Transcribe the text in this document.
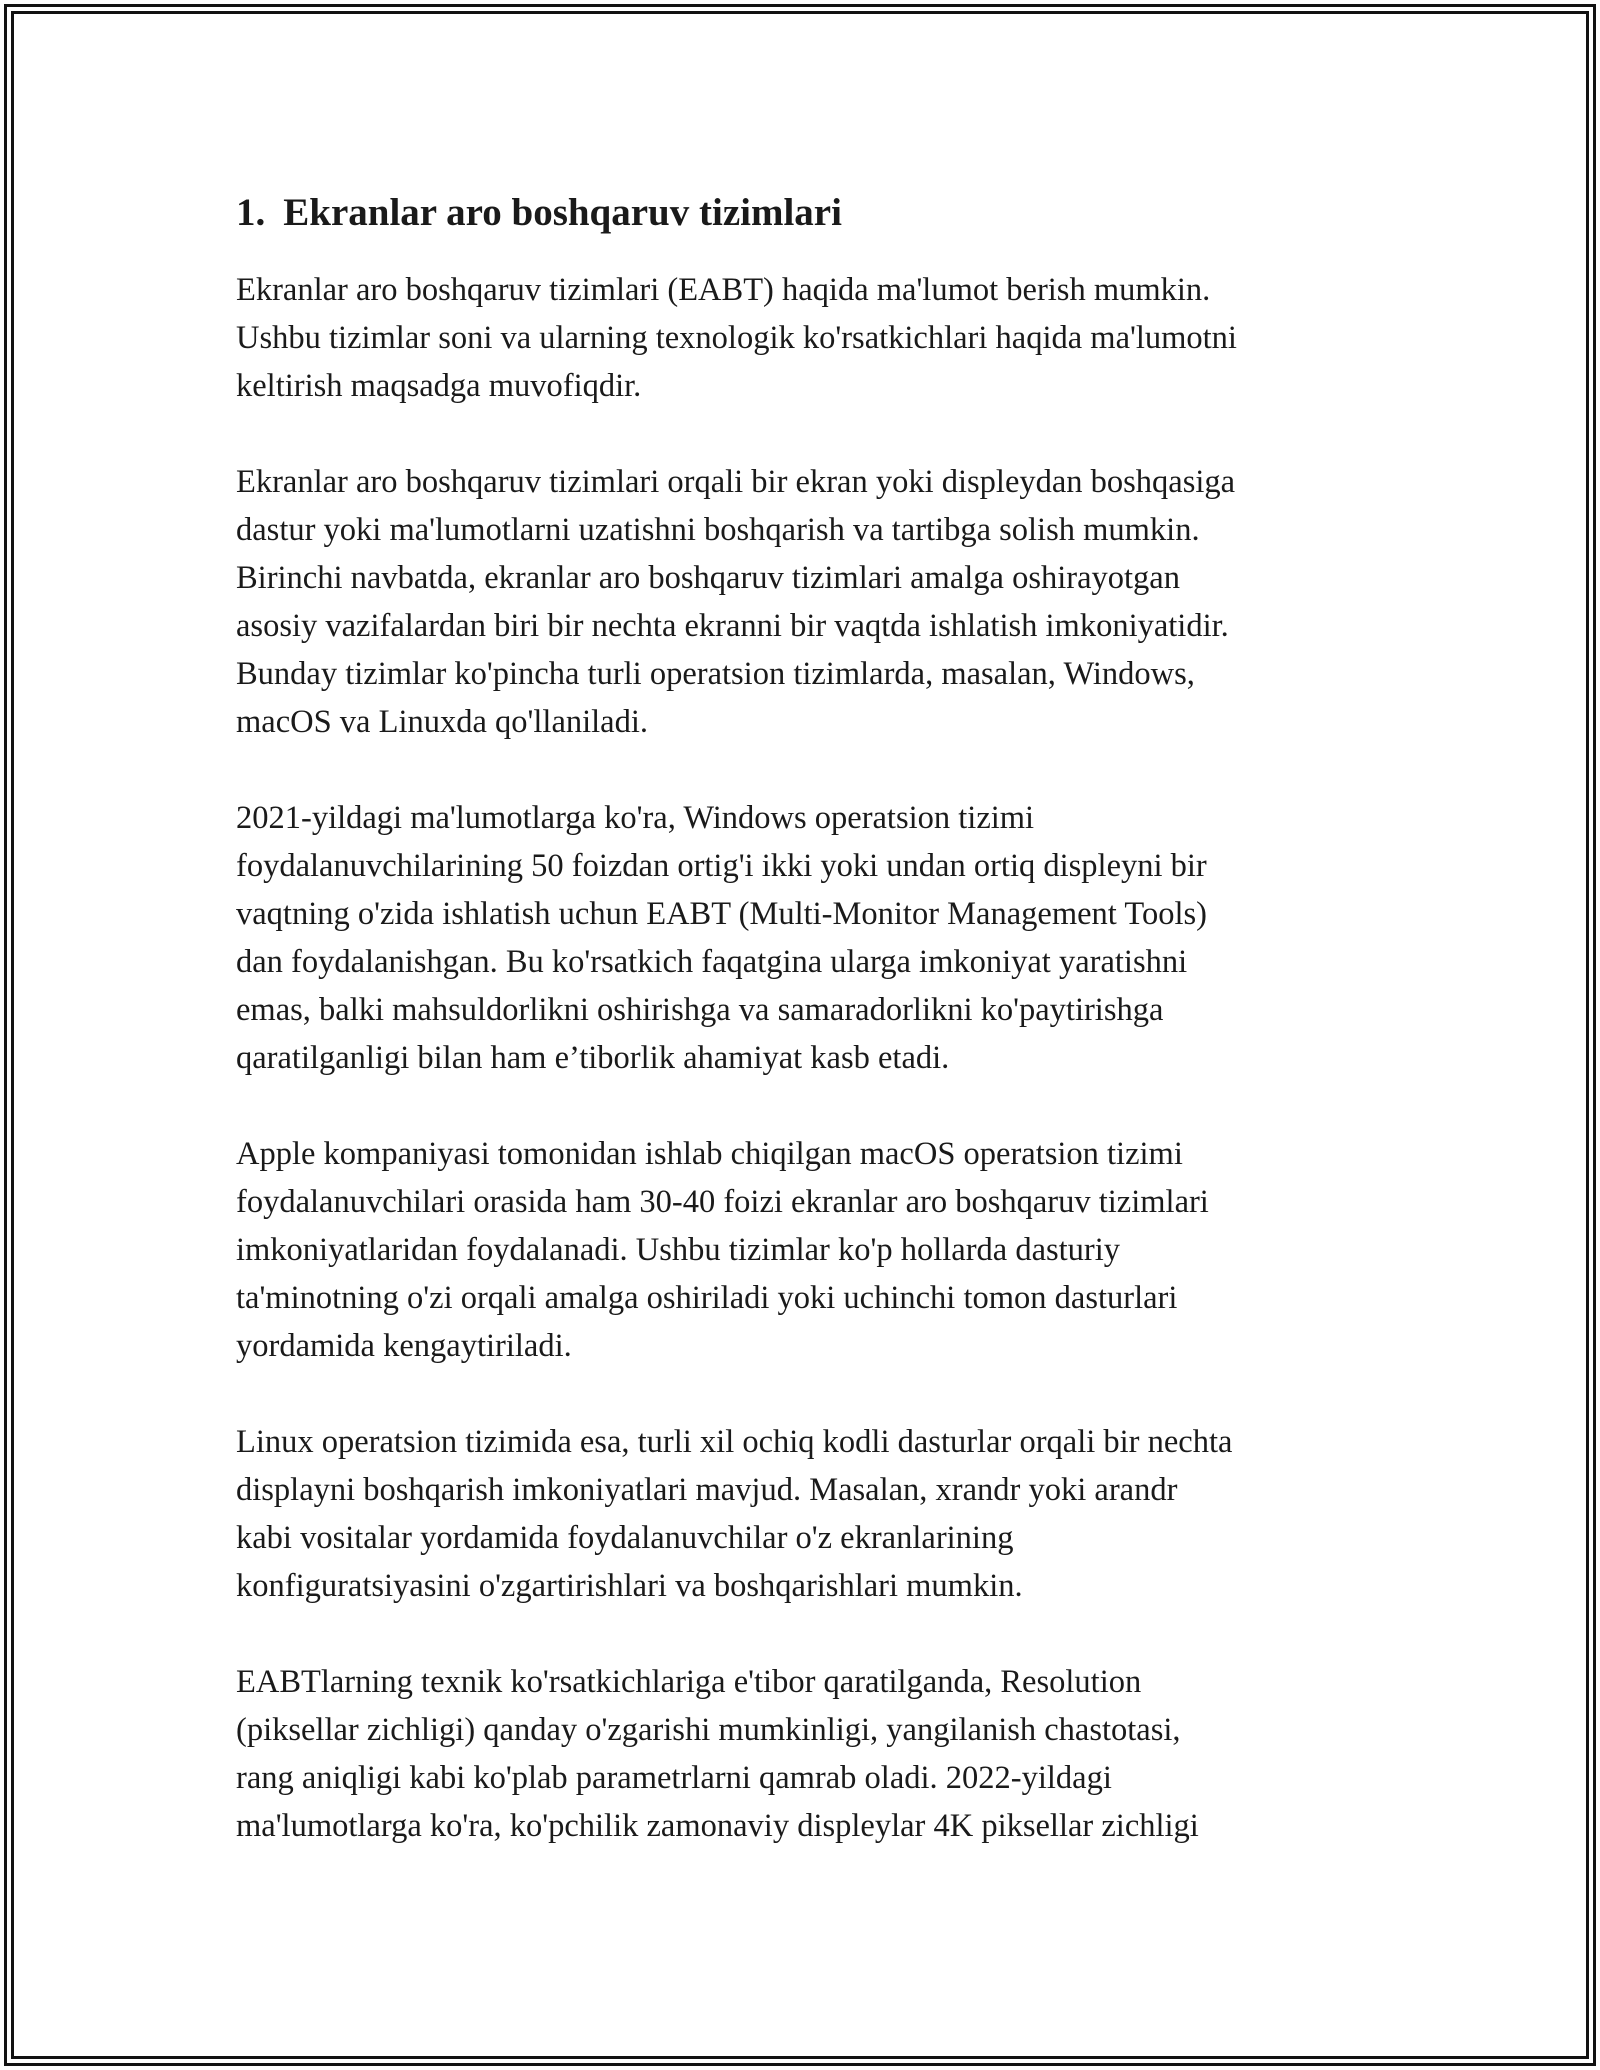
1. Ekranlar aro boshqaruv tizimlari

Ekranlar aro boshqaruv tizimlari (EABT) haqida ma'lumot berish mumkin.
Ushbu tizimlar soni va ularning texnologik ko'rsatkichlari haqida ma'lumotni
keltirish maqsadga muvofiqdir.

Ekranlar aro boshqaruv tizimlari orqali bir ekran yoki displeydan boshqasiga
dastur yoki ma'lumotlarni uzatishni boshqarish va tartibga solish mumkin.
Birinchi navbatda, ekranlar aro boshqaruv tizimlari amalga oshirayotgan
asosiy vazifalardan biri bir nechta ekranni bir vaqtda ishlatish imkoniyatidir.
Bunday tizimlar ko'pincha turli operatsion tizimlarda, masalan, Windows,
macOS va Linuxda qo'llaniladi.

2021-yildagi ma'lumotlarga ko'ra, Windows operatsion tizimi
foydalanuvchilarining 50 foizdan ortig'i ikki yoki undan ortiq displeyni bir
vaqtning o'zida ishlatish uchun EABT (Multi-Monitor Management Tools)
dan foydalanishgan. Bu ko'rsatkich faqatgina ularga imkoniyat yaratishni
emas, balki mahsuldorlikni oshirishga va samaradorlikni ko'paytirishga
qaratilganligi bilan ham e’tiborlik ahamiyat kasb etadi.

Apple kompaniyasi tomonidan ishlab chiqilgan macOS operatsion tizimi
foydalanuvchilari orasida ham 30-40 foizi ekranlar aro boshqaruv tizimlari
imkoniyatlaridan foydalanadi. Ushbu tizimlar ko'p hollarda dasturiy
ta'minotning o'zi orqali amalga oshiriladi yoki uchinchi tomon dasturlari
yordamida kengaytiriladi.

Linux operatsion tizimida esa, turli xil ochiq kodli dasturlar orqali bir nechta
displayni boshqarish imkoniyatlari mavjud. Masalan, xrandr yoki arandr
kabi vositalar yordamida foydalanuvchilar o'z ekranlarining
konfiguratsiyasini o'zgartirishlari va boshqarishlari mumkin.

EABTlarning texnik ko'rsatkichlariga e'tibor qaratilganda, Resolution
(piksellar zichligi) qanday o'zgarishi mumkinligi, yangilanish chastotasi,
rang aniqligi kabi ko'plab parametrlarni qamrab oladi. 2022-yildagi
ma'lumotlarga ko'ra, ko'pchilik zamonaviy displeylar 4K piksellar zichligi
